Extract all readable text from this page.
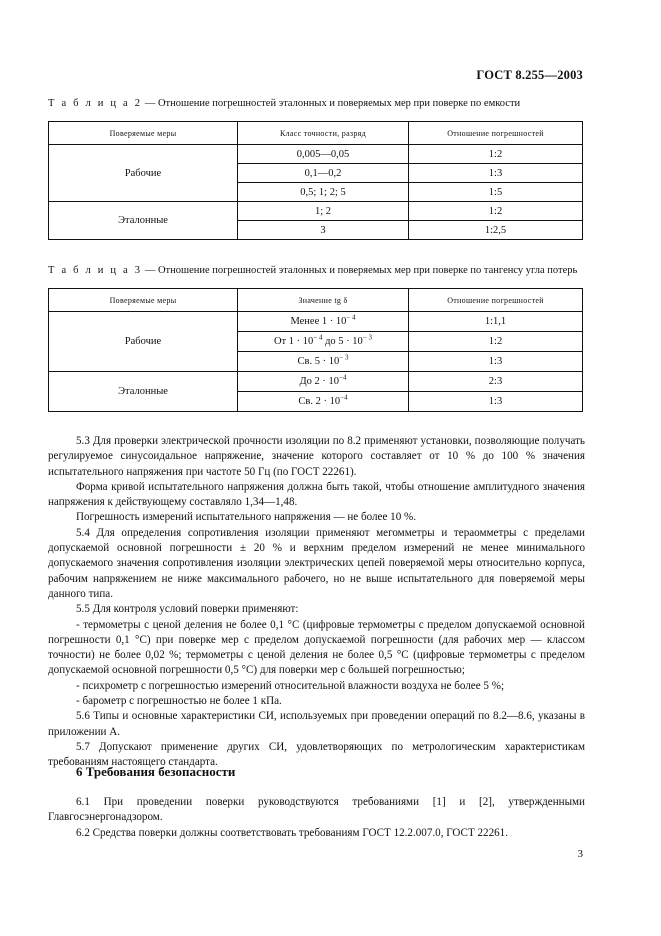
ГОСТ 8.255—2003
Т а б л и ц а 2 — Отношение погрешностей эталонных и поверяемых мер при поверке по емкости
Поверяемые меры	Класс точности, разряд	Отношение погрешностей
Рабочие	0,005—0,05	1:2
	0,1—0,2	1:3
	0,5; 1; 2; 5	1:5
Эталонные	1; 2	1:2
	3	1:2,5
Т а б л и ц а 3 — Отношение погрешностей эталонных и поверяемых мер при поверке по тангенсу угла потерь
Поверяемые меры	Значение tg δ	Отношение погрешностей
Рабочие	Менее $1 \cdot 10^{- 4}$	1:1,1
	От $1 \cdot 10^{- 4}$ до $5 \cdot 10^{- 3}$	1:2
	Св. $5 \cdot 10^{- 3}$	1:3
Эталонные	До $2 \cdot 10^{-4}$	2:3
	Св. $2 \cdot 10^{-4}$	1:3

5.3 Для проверки электрической прочности изоляции по 8.2 применяют установки, позволяющие получать регулируемое синусоидальное напряжение, значение которого составляет от 10 % до 100 % значения испытательного напряжения при частоте 50 Гц (по ГОСТ 22261).

Форма кривой испытательного напряжения должна быть такой, чтобы отношение амплитудного значения напряжения к действующему составляло 1,34—1,48.

Погрешность измерений испытательного напряжения — не более 10 %.

5.4 Для определения сопротивления изоляции применяют мегомметры и тераомметры с пределами допускаемой основной погрешности ± 20 % и верхним пределом измерений не менее минимального допускаемого значения сопротивления изоляции электрических цепей поверяемой меры относительно корпуса, рабочим напряжением не ниже максимального рабочего, но не выше испытательного для поверяемой меры данного типа.

5.5 Для контроля условий поверки применяют:

- термометры с ценой деления не более 0,1 °С (цифровые термометры с пределом допускаемой основной погрешности 0,1 °С) при поверке мер с пределом допускаемой погрешности (для рабочих мер — классом точности) не более 0,02 %; термометры с ценой деления не более 0,5 °С (цифровые термометры с пределом допускаемой основной погрешности 0,5 °С) для поверки мер с большей погрешностью;

- психрометр с погрешностью измерений относительной влажности воздуха не более 5 %;

- барометр с погрешностью не более 1 кПа.

5.6 Типы и основные характеристики СИ, используемых при проведении операций по 8.2—8.6, указаны в приложении А.

5.7 Допускают применение других СИ, удовлетворяющих по метрологическим характеристикам требованиям настоящего стандарта.

6 Требования безопасности

6.1 При проведении поверки руководствуются требованиями [1] и [2], утвержденными Главгосэнергонадзором.

6.2 Средства поверки должны соответствовать требованиям ГОСТ 12.2.007.0, ГОСТ 22261.

3
